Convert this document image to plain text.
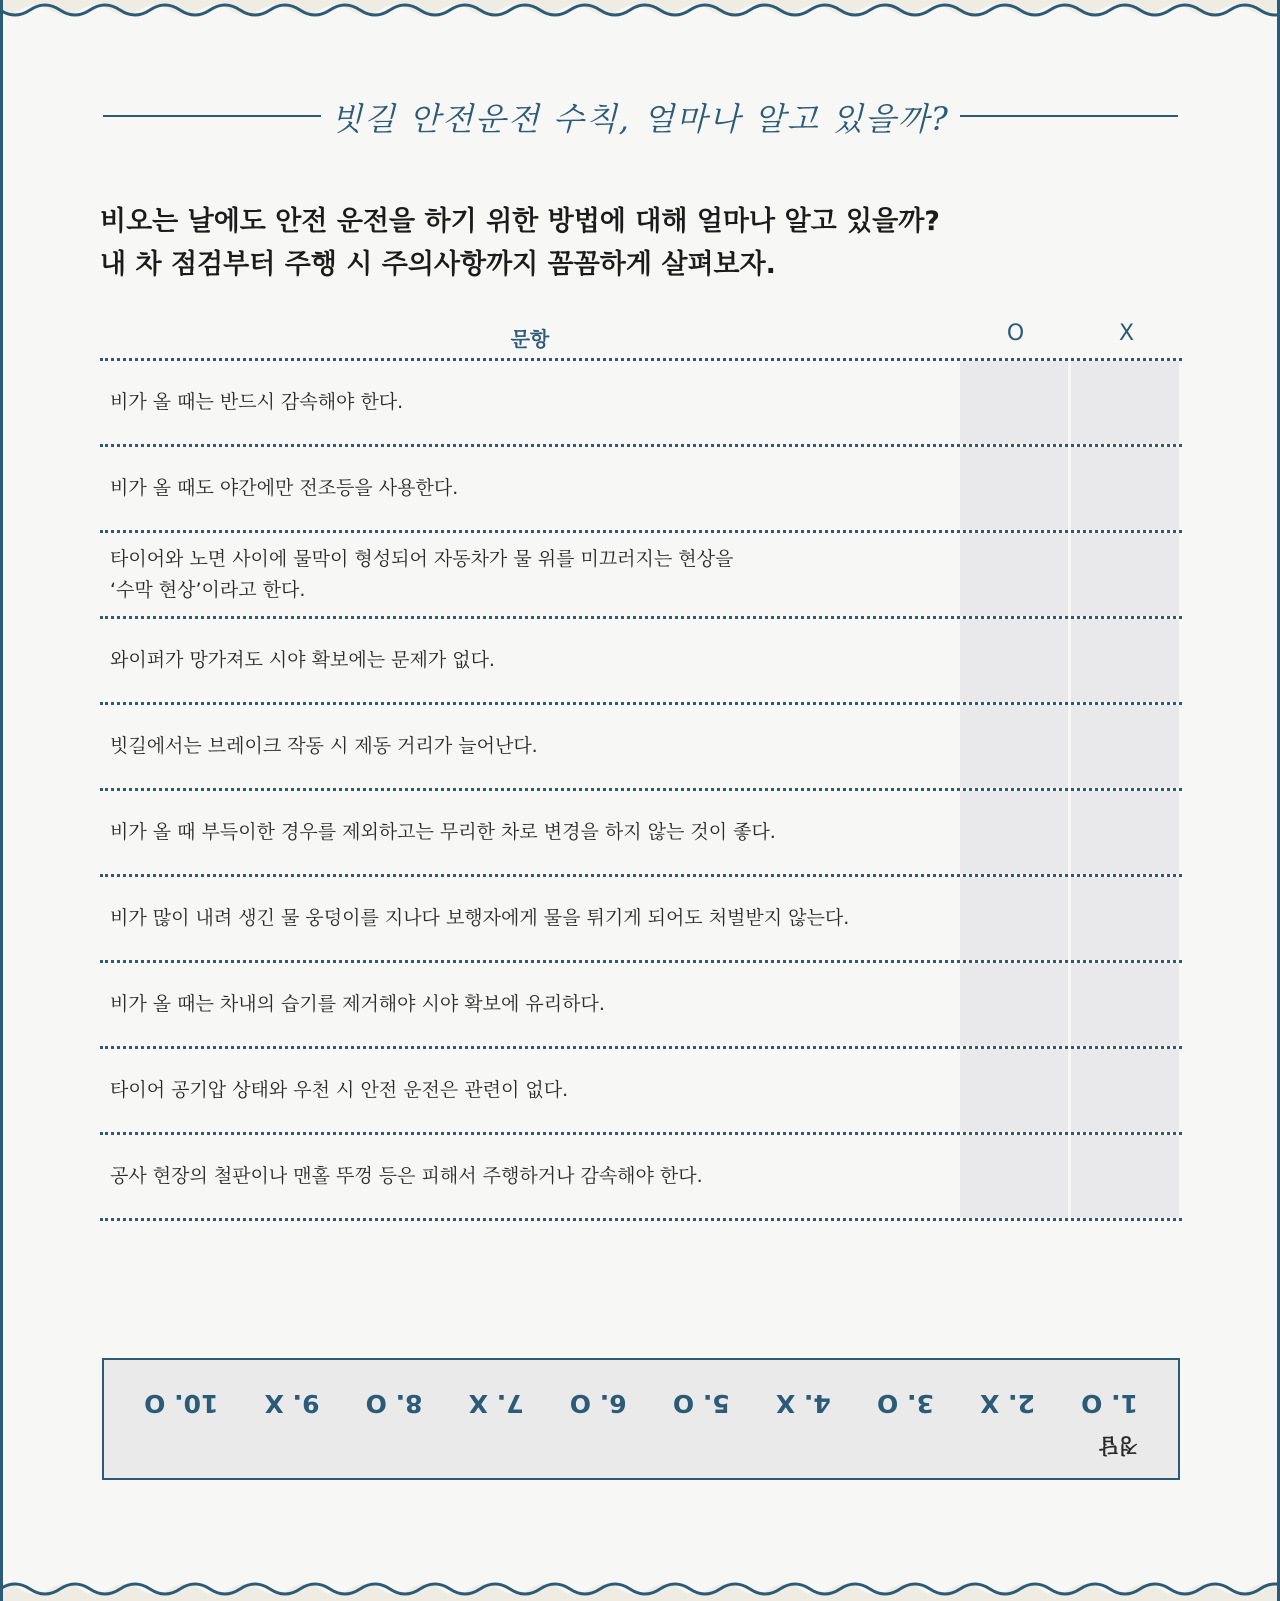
빗길 안전운전 수칙, 얼마나 알고 있을까?
비오는 날에도 안전 운전을 하기 위한 방법에 대해 얼마나 알고 있을까?
내 차 점검부터 주행 시 주의사항까지 꼼꼼하게 살펴보자.
문항	O	X
비가 올 때는 반드시 감속해야 한다.
비가 올 때도 야간에만 전조등을 사용한다.
타이어와 노면 사이에 물막이 형성되어 자동차가 물 위를 미끄러지는 현상을
‘수막 현상’이라고 한다.
와이퍼가 망가져도 시야 확보에는 문제가 없다.
빗길에서는 브레이크 작동 시 제동 거리가 늘어난다.
비가 올 때 부득이한 경우를 제외하고는 무리한 차로 변경을 하지 않는 것이 좋다.
비가 많이 내려 생긴 물 웅덩이를 지나다 보행자에게 물을 튀기게 되어도 처벌받지 않는다.
비가 올 때는 차내의 습기를 제거해야 시야 확보에 유리하다.
타이어 공기압 상태와 우천 시 안전 운전은 관련이 없다.
공사 현장의 철판이나 맨홀 뚜껑 등은 피해서 주행하거나 감속해야 한다.
정답
1. O
2. X
3. O
4. X
5. O
6. O
7. X
8. O
9. X
10. O
